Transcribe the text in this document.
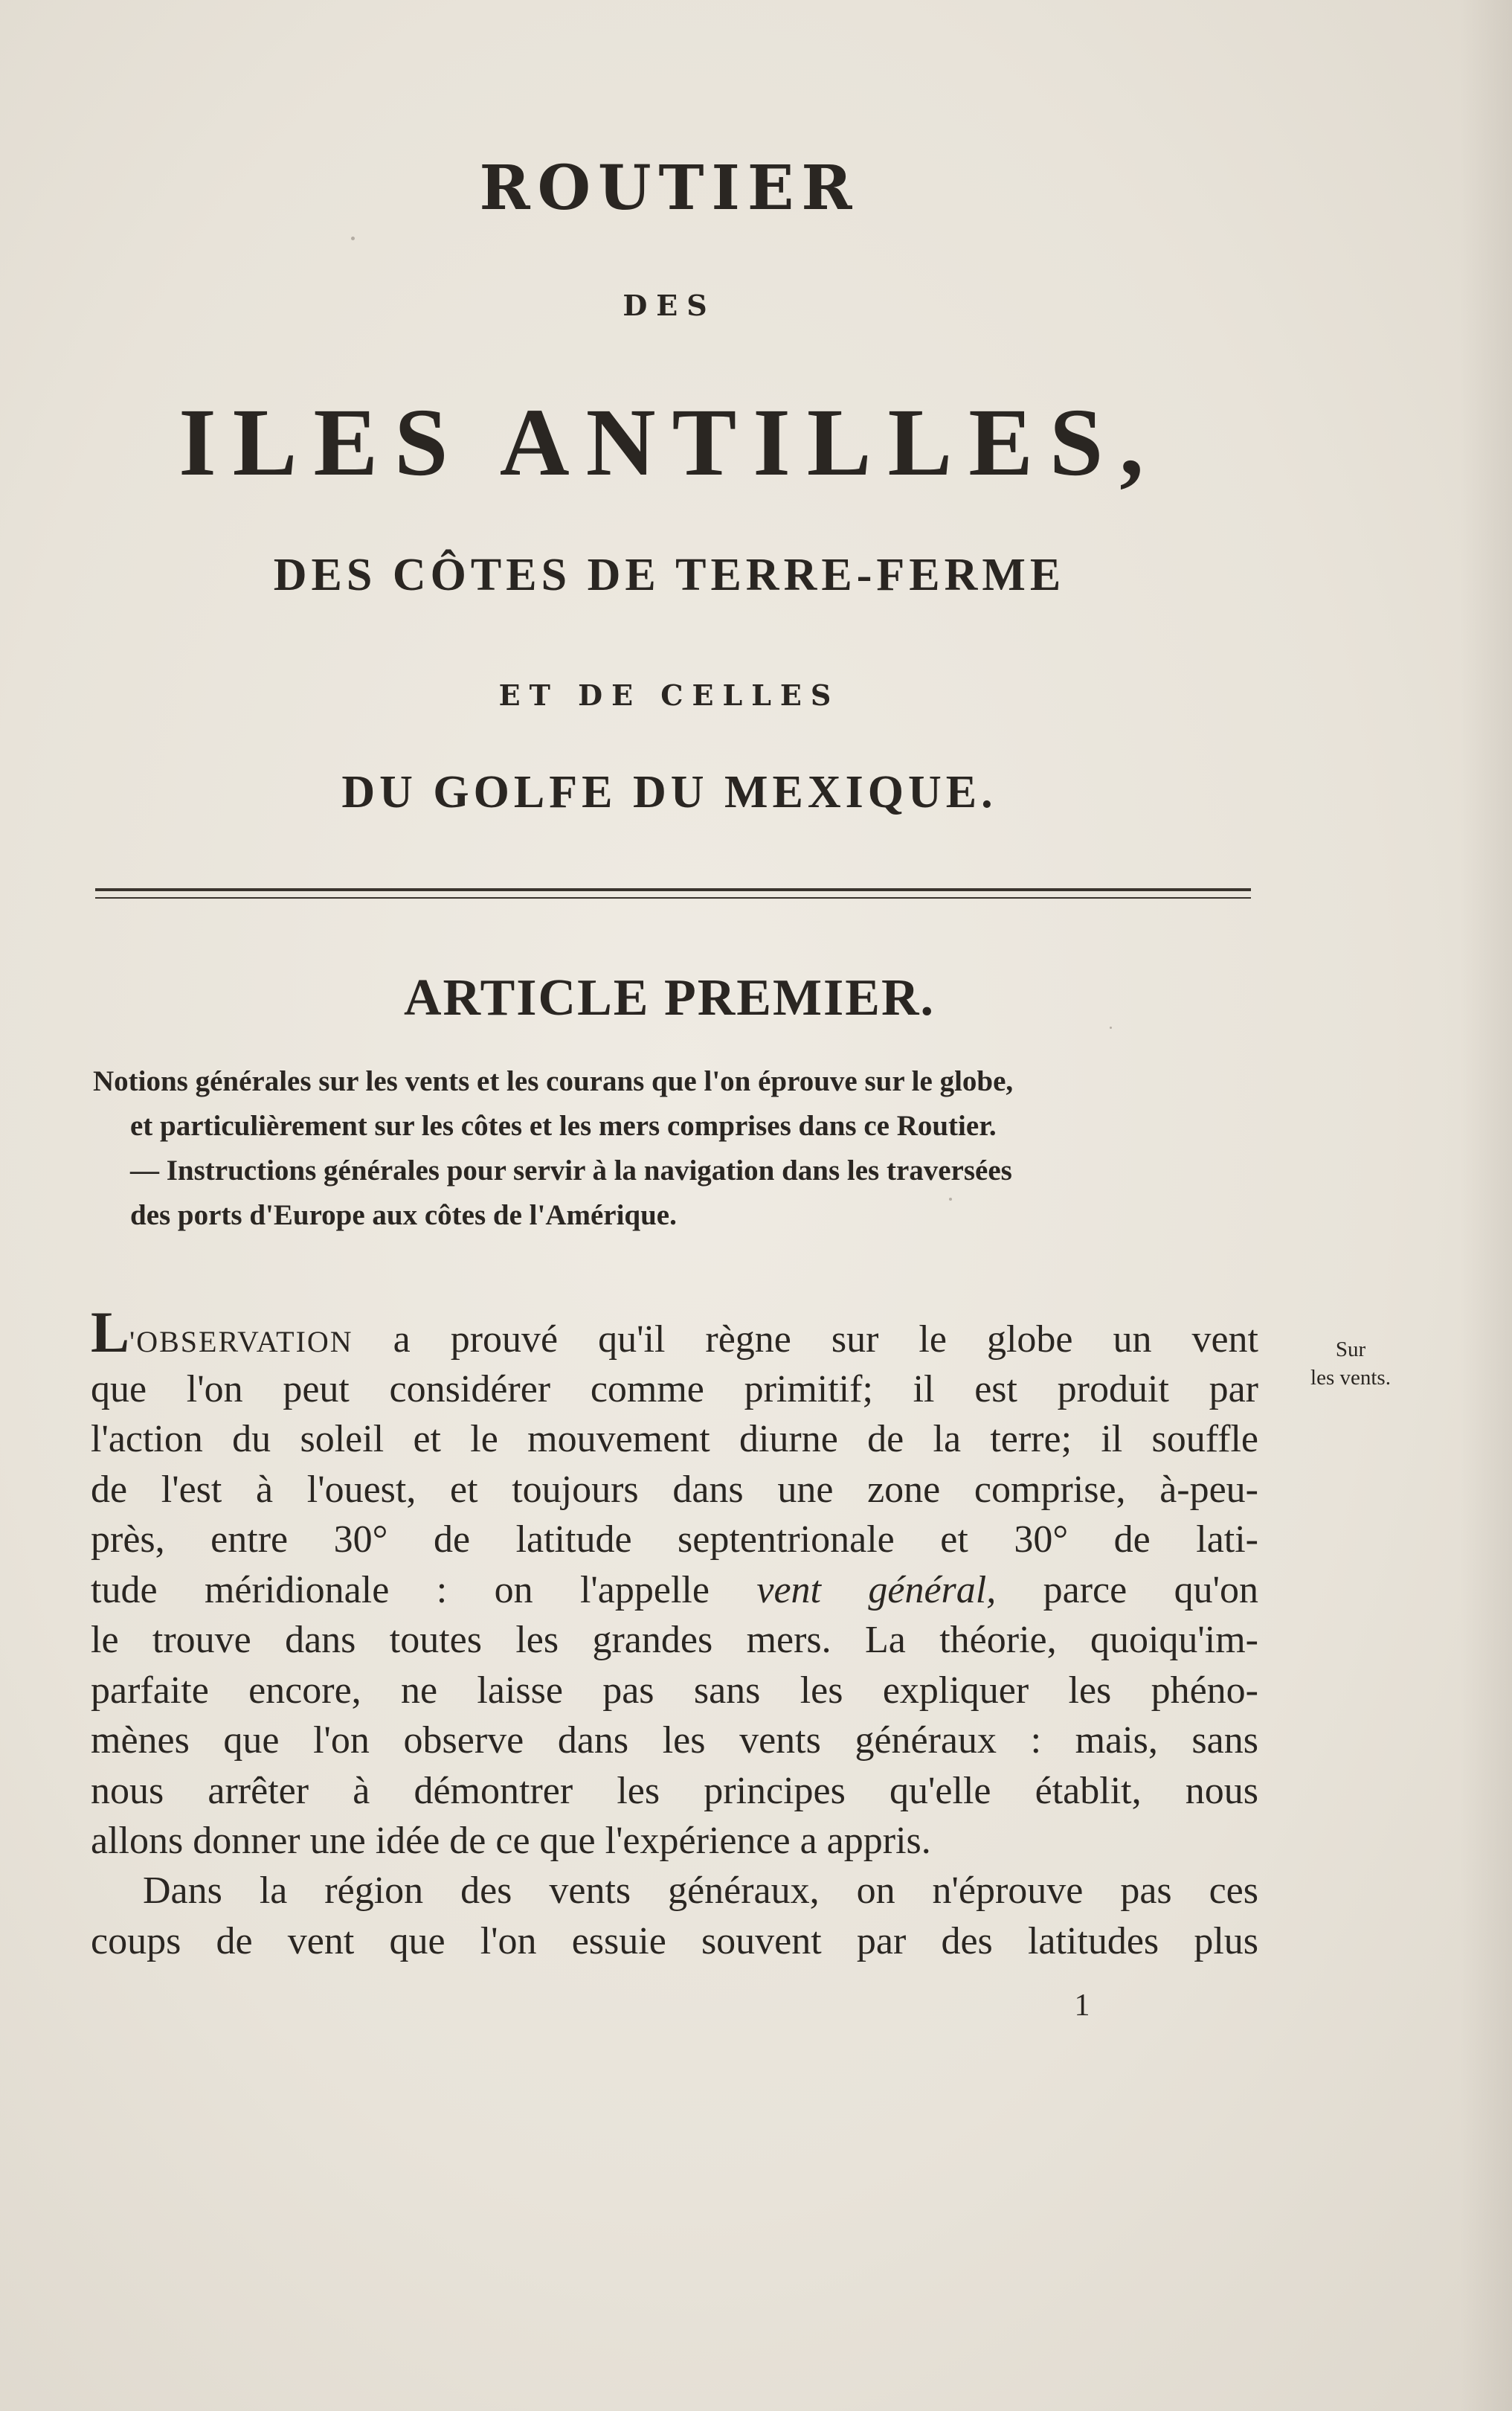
ROUTIER
DES
ILES ANTILLES,
DES CÔTES DE TERRE-FERME
ET DE CELLES
DU GOLFE DU MEXIQUE.
ARTICLE PREMIER.
Notions générales sur les vents et les courans que l'on éprouve sur le globe,
et particulièrement sur les côtes et les mers comprises dans ce Routier.
— Instructions générales pour servir à la navigation dans les traversées
des ports d'Europe aux côtes de l'Amérique.
L'OBSERVATION a prouvé qu'il règne sur le globe un vent
que l'on peut considérer comme primitif; il est produit par
l'action du soleil et le mouvement diurne de la terre; il souffle
de l'est à l'ouest, et toujours dans une zone comprise, à-peu-
près, entre 30° de latitude septentrionale et 30° de lati-
tude méridionale : on l'appelle vent général, parce qu'on
le trouve dans toutes les grandes mers. La théorie, quoiqu'im-
parfaite encore, ne laisse pas sans les expliquer les phéno-
mènes que l'on observe dans les vents généraux : mais, sans
nous arrêter à démontrer les principes qu'elle établit, nous
allons donner une idée de ce que l'expérience a appris.
Dans la région des vents généraux, on n'éprouve pas ces
coups de vent que l'on essuie souvent par des latitudes plus
Sur
les vents.
1
